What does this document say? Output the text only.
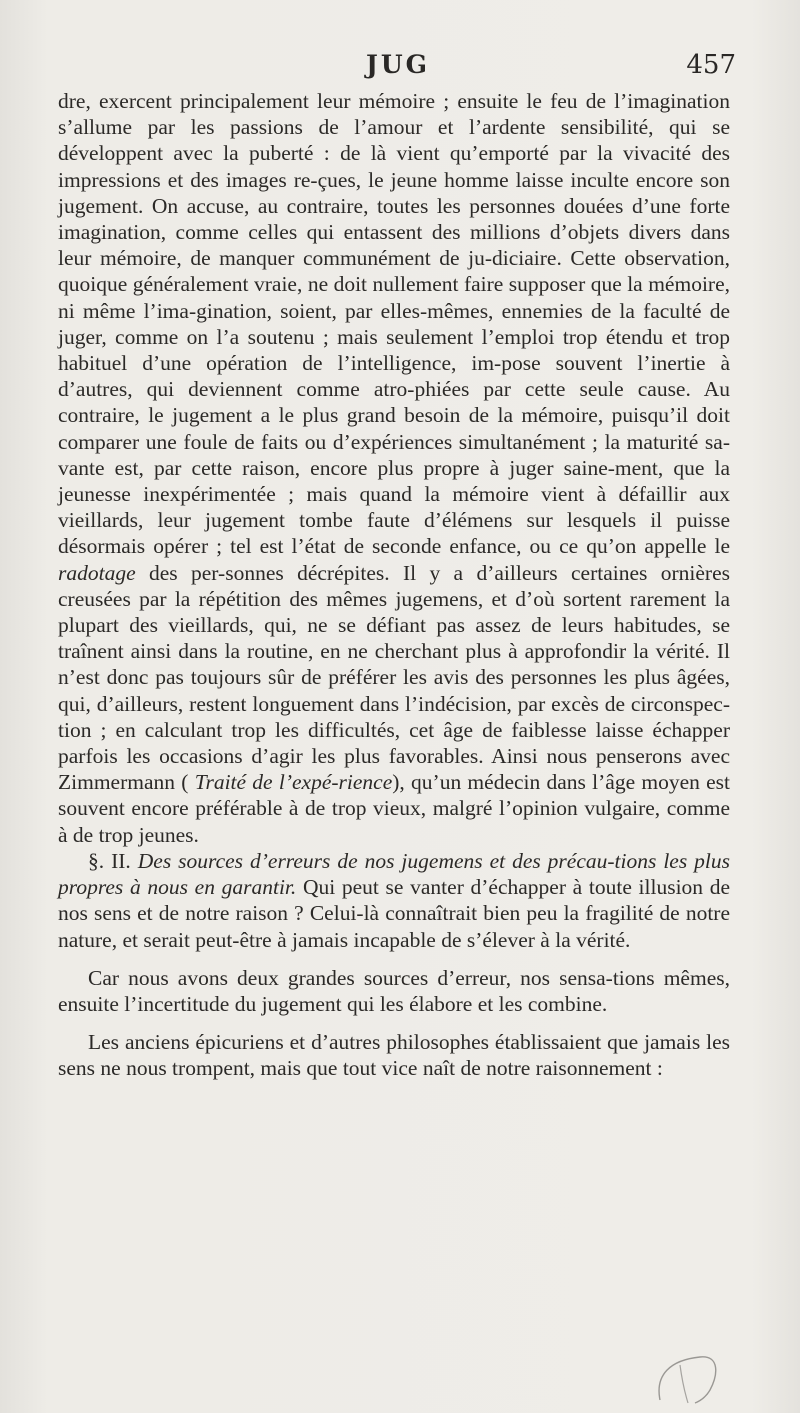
JUG	457

dre, exercent principalement leur mémoire ; ensuite le feu de l’imagination s’allume par les passions de l’amour et l’ardente sensibilité, qui se développent avec la puberté : de là vient qu’emporté par la vivacité des impressions et des images re-çues, le jeune homme laisse inculte encore son jugement. On accuse, au contraire, toutes les personnes douées d’une forte imagination, comme celles qui entassent des millions d’objets divers dans leur mémoire, de manquer communément de ju-diciaire. Cette observation, quoique généralement vraie, ne doit nullement faire supposer que la mémoire, ni même l’ima-gination, soient, par elles-mêmes, ennemies de la faculté de juger, comme on l’a soutenu ; mais seulement l’emploi trop étendu et trop habituel d’une opération de l’intelligence, im-pose souvent l’inertie à d’autres, qui deviennent comme atro-phiées par cette seule cause. Au contraire, le jugement a le plus grand besoin de la mémoire, puisqu’il doit comparer une foule de faits ou d’expériences simultanément ; la maturité sa-vante est, par cette raison, encore plus propre à juger saine-ment, que la jeunesse inexpérimentée ; mais quand la mémoire vient à défaillir aux vieillards, leur jugement tombe faute d’élémens sur lesquels il puisse désormais opérer ; tel est l’état de seconde enfance, ou ce qu’on appelle le radotage des per-sonnes décrépites. Il y a d’ailleurs certaines ornières creusées par la répétition des mêmes jugemens, et d’où sortent rarement la plupart des vieillards, qui, ne se défiant pas assez de leurs habitudes, se traînent ainsi dans la routine, en ne cherchant plus à approfondir la vérité. Il n’est donc pas toujours sûr de préférer les avis des personnes les plus âgées, qui, d’ailleurs, restent longuement dans l’indécision, par excès de circonspec-tion ; en calculant trop les difficultés, cet âge de faiblesse laisse échapper parfois les occasions d’agir les plus favorables. Ainsi nous penserons avec Zimmermann ( Traité de l’expé-rience), qu’un médecin dans l’âge moyen est souvent encore préférable à de trop vieux, malgré l’opinion vulgaire, comme à de trop jeunes.

§. II. Des sources d’erreurs de nos jugemens et des précau-tions les plus propres à nous en garantir. Qui peut se vanter d’échapper à toute illusion de nos sens et de notre raison ? Celui-là connaîtrait bien peu la fragilité de notre nature, et serait peut-être à jamais incapable de s’élever à la vérité.

Car nous avons deux grandes sources d’erreur, nos sensa-tions mêmes, ensuite l’incertitude du jugement qui les élabore et les combine.

Les anciens épicuriens et d’autres philosophes établissaient que jamais les sens ne nous trompent, mais que tout vice naît de notre raisonnement :
